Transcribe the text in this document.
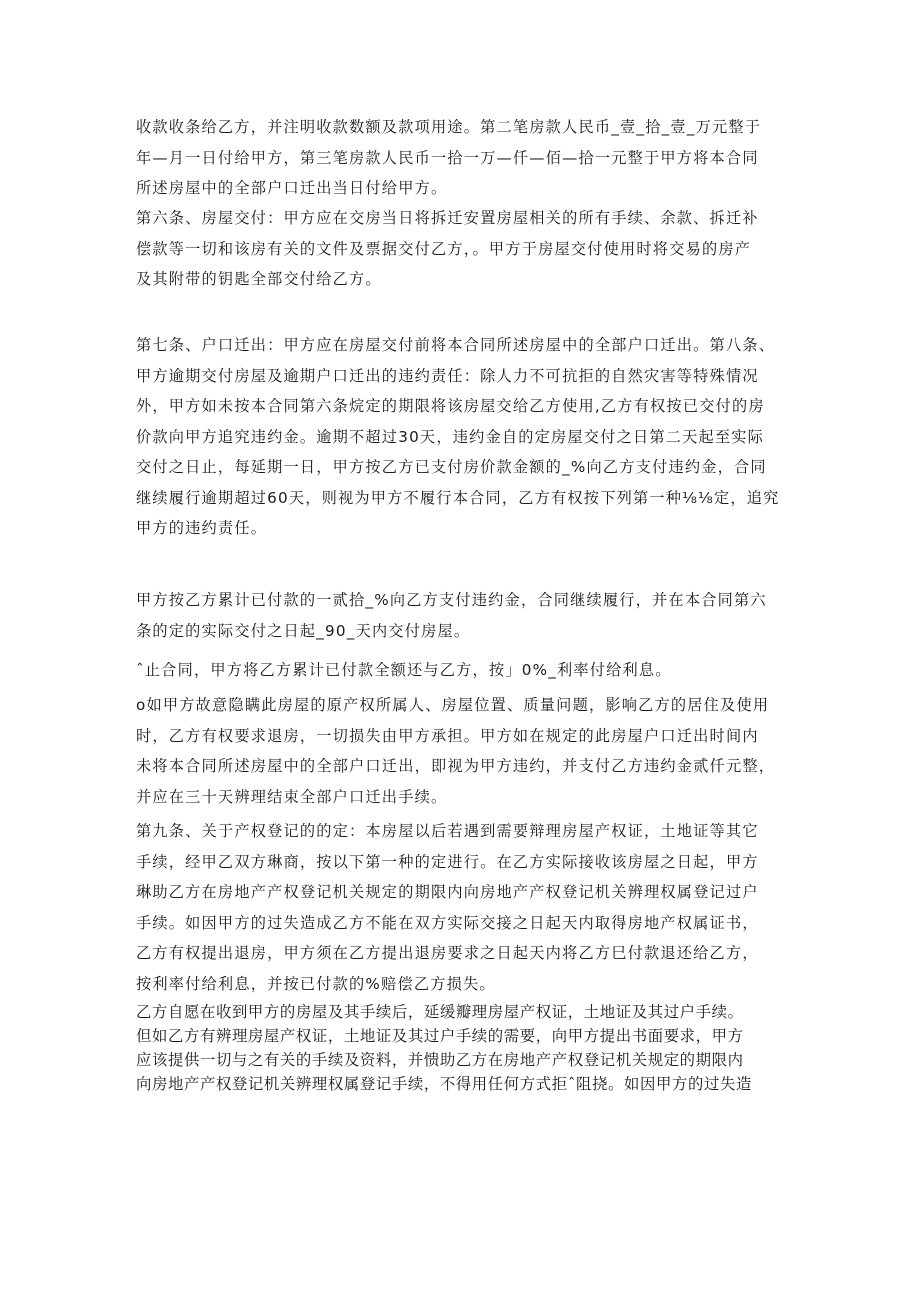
收款收条给乙方，并注明收款数额及款项用途。第二笔房款人民币_壹_拾_壹_万元整于
年—月一日付给甲方，第三笔房款人民币一拾一万—仟—佰—拾一元整于甲方将本合同
所述房屋中的全部户口迁出当日付给甲方。
第六条、房屋交付：甲方应在交房当日将拆迁安置房屋相关的所有手续、余款、拆迁补
偿款等一切和该房有关的文件及票据交付乙方，。甲方于房屋交付使用时将交易的房产
及其附带的钥匙全部交付给乙方。
第七条、户口迁出：甲方应在房屋交付前将本合同所述房屋中的全部户口迁出。第八条、
甲方逾期交付房屋及逾期户口迁出的违约责任：除人力不可抗拒的自然灾害等特殊情况
外，甲方如未按本合同第六条烷定的期限将该房屋交给乙方使用,乙方有权按已交付的房
价款向甲方追究违约金。逾期不超过30天，违约金自的定房屋交付之日第二天起至实际
交付之日止，每延期一日，甲方按乙方已支付房价款金额的_%向乙方支付违约金，合同
继续履行逾期超过60天，则视为甲方不履行本合同，乙方有权按下列第一种⅛⅛定，追究
甲方的违约责任。
甲方按乙方累计已付款的一贰拾_%向乙方支付违约金，合同继续履行，并在本合同第六
条的定的实际交付之日起_90_天内交付房屋。
ˆ止合同，甲方将乙方累计已付款全额还与乙方，按」0%_利率付给利息。
o如甲方故意隐瞒此房屋的原产权所属人、房屋位置、质量问题，影响乙方的居住及使用
时，乙方有权要求退房，一切损失由甲方承担。甲方如在规定的此房屋户口迁出时间内
未将本合同所述房屋中的全部户口迁出，即视为甲方违约，并支付乙方违约金贰仟元整，
并应在三十天辨理结束全部户口迁出手续。
第九条、关于产权登记的的定：本房屋以后若遇到需要辩理房屋产权证，土地证等其它
手续，经甲乙双方琳商，按以下第一种的定进行。在乙方实际接收该房屋之日起，甲方
琳助乙方在房地产产权登记机关规定的期限内向房地产产权登记机关辨理权属登记过户
手续。如因甲方的过失造成乙方不能在双方实际交接之日起天内取得房地产权属证书，
乙方有权提出退房，甲方须在乙方提出退房要求之日起天内将乙方巳付款退还给乙方，
按利率付给利息，并按已付款的%赔偿乙方损失。
乙方自愿在收到甲方的房屋及其手续后，延缓瓣理房屋产权证，土地证及其过户手续。
但如乙方有辨理房屋产权证，土地证及其过户手续的需要，向甲方提出书面要求，甲方
应该提供一切与之有关的手续及资料，并愦助乙方在房地产产权登记机关规定的期限内
向房地产产权登记机关辨理权属登记手续，不得用任何方式拒ˆ阻挠。如因甲方的过失造
